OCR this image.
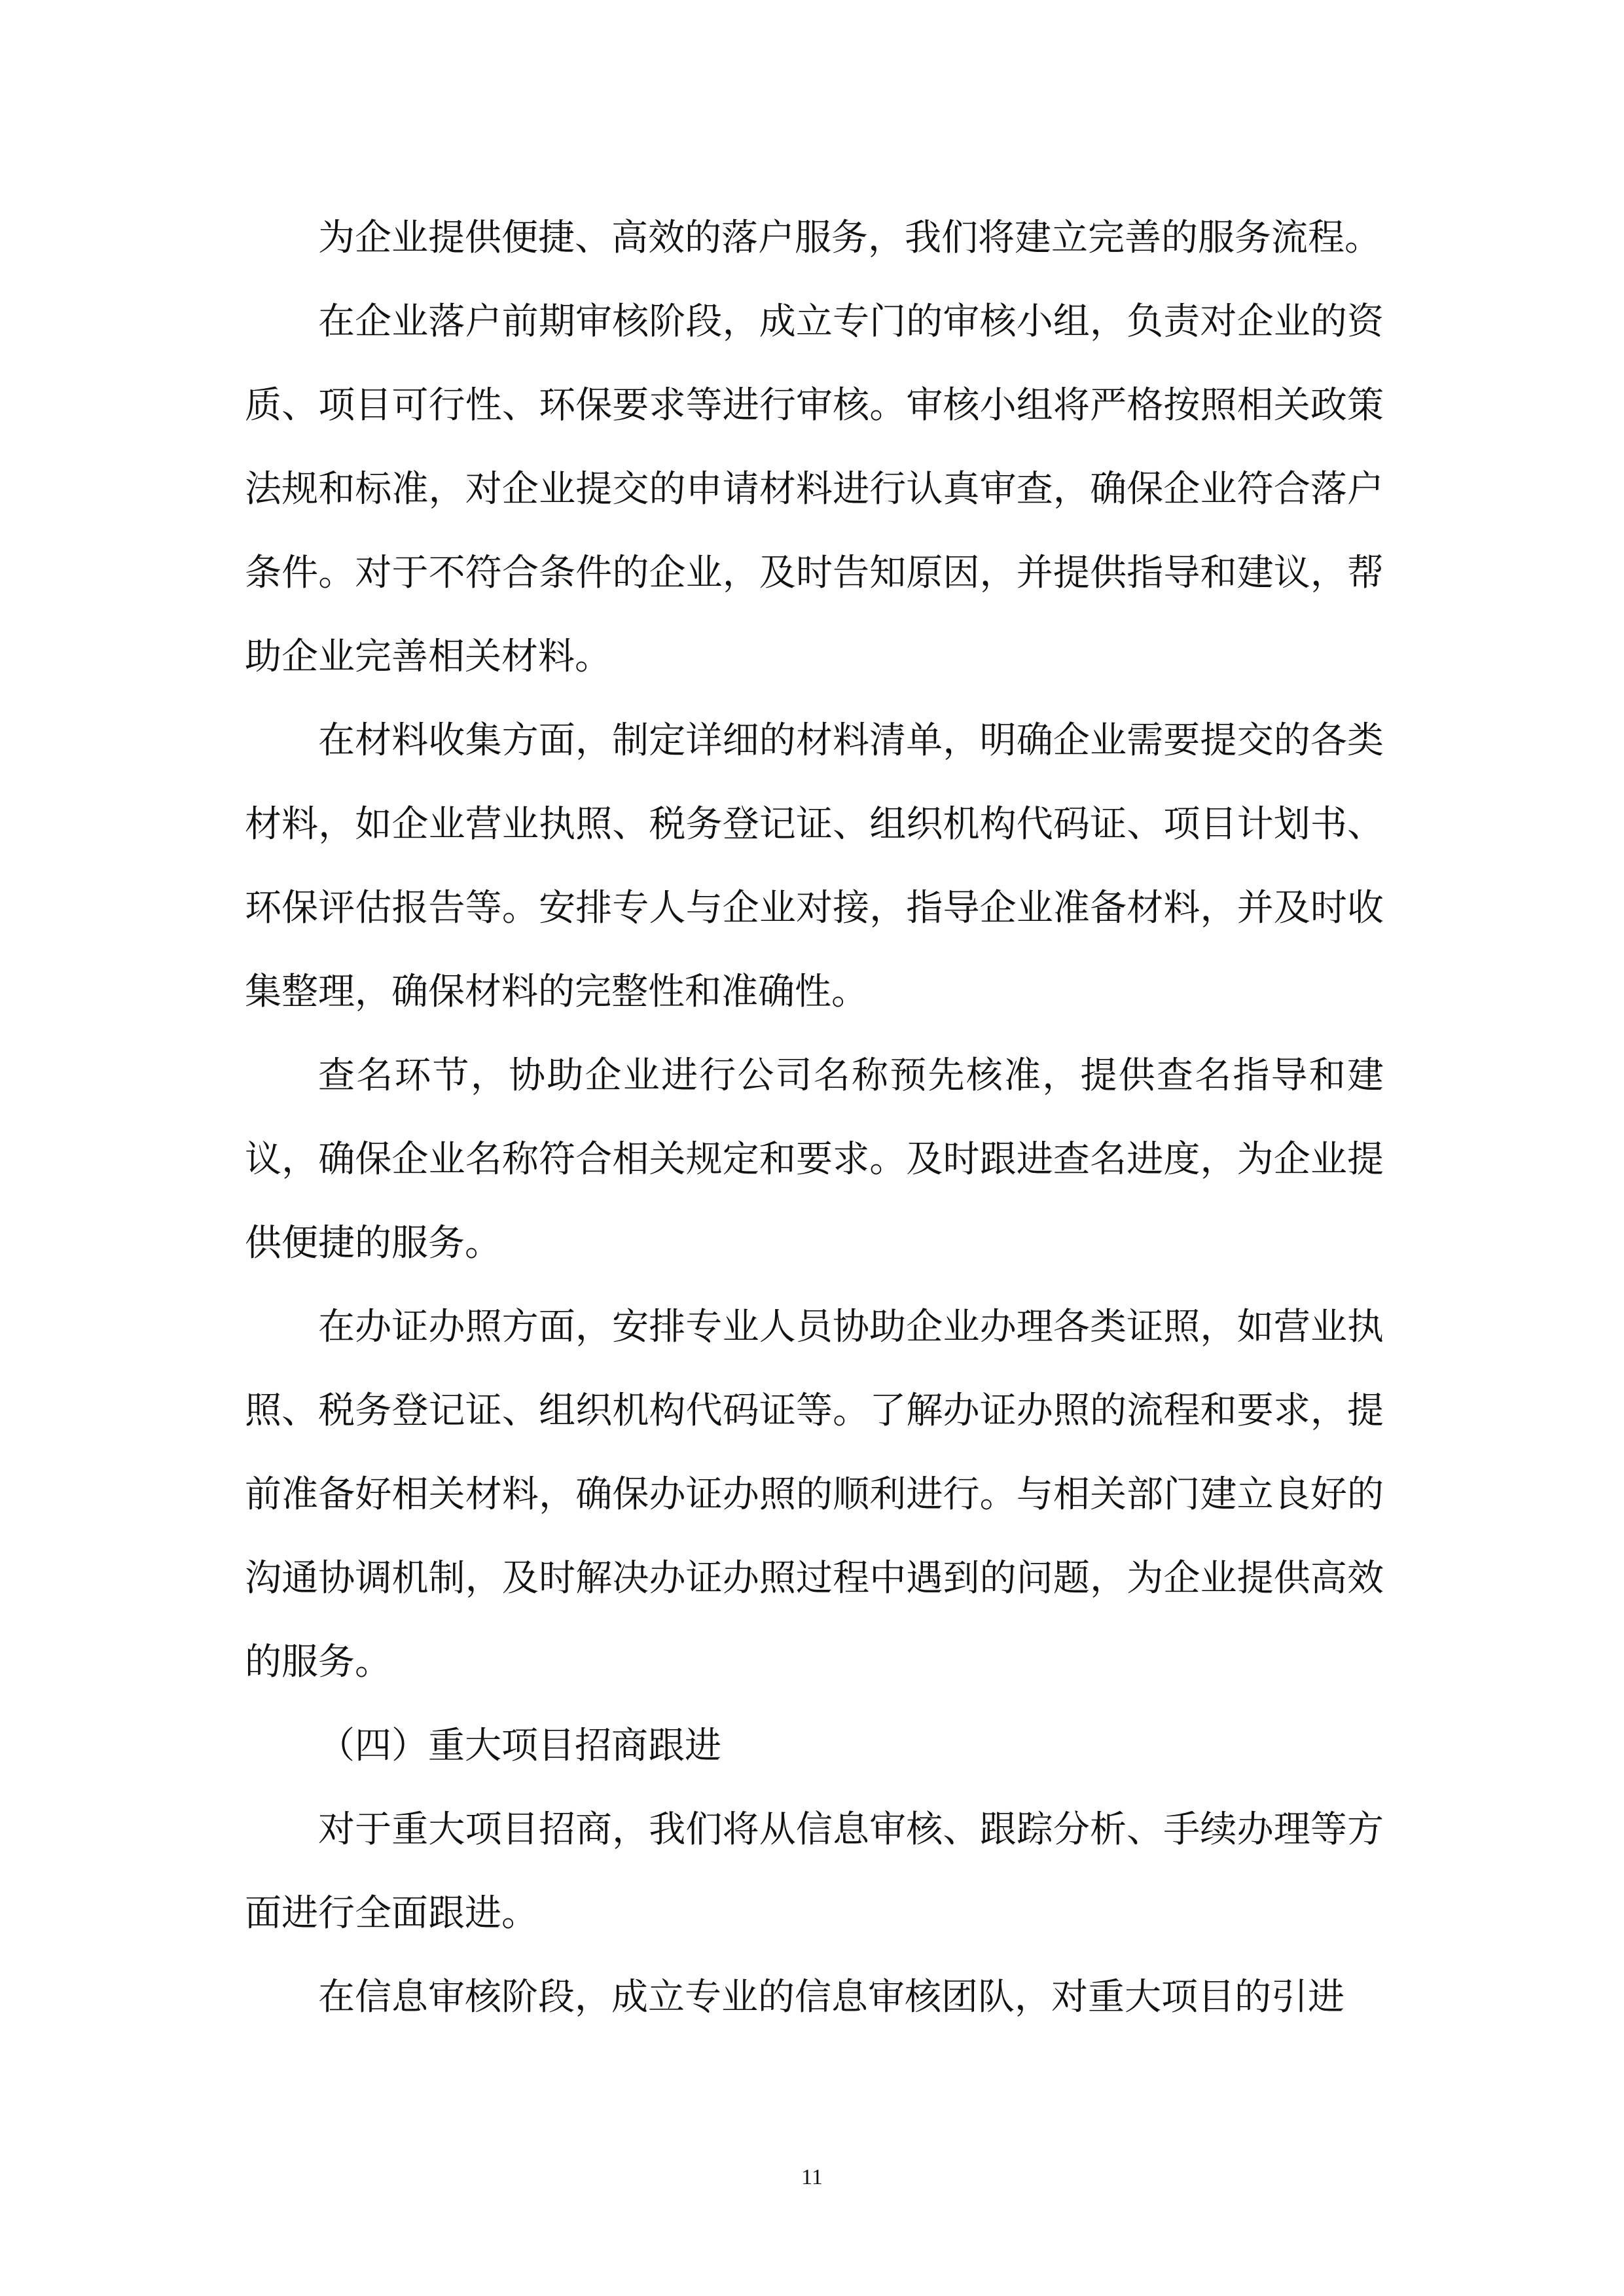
为企业提供便捷、高效的落户服务，我们将建立完善的服务流程。

在企业落户前期审核阶段，成立专门的审核小组，负责对企业的资质、项目可行性、环保要求等进行审核。审核小组将严格按照相关政策法规和标准，对企业提交的申请材料进行认真审查，确保企业符合落户条件。对于不符合条件的企业，及时告知原因，并提供指导和建议，帮助企业完善相关材料。

在材料收集方面，制定详细的材料清单，明确企业需要提交的各类材料，如企业营业执照、税务登记证、组织机构代码证、项目计划书、环保评估报告等。安排专人与企业对接，指导企业准备材料，并及时收集整理，确保材料的完整性和准确性。

查名环节，协助企业进行公司名称预先核准，提供查名指导和建议，确保企业名称符合相关规定和要求。及时跟进查名进度，为企业提供便捷的服务。

在办证办照方面，安排专业人员协助企业办理各类证照，如营业执照、税务登记证、组织机构代码证等。了解办证办照的流程和要求，提前准备好相关材料，确保办证办照的顺利进行。与相关部门建立良好的沟通协调机制，及时解决办证办照过程中遇到的问题，为企业提供高效的服务。

（四）重大项目招商跟进

对于重大项目招商，我们将从信息审核、跟踪分析、手续办理等方面进行全面跟进。

在信息审核阶段，成立专业的信息审核团队，对重大项目的引进

11
